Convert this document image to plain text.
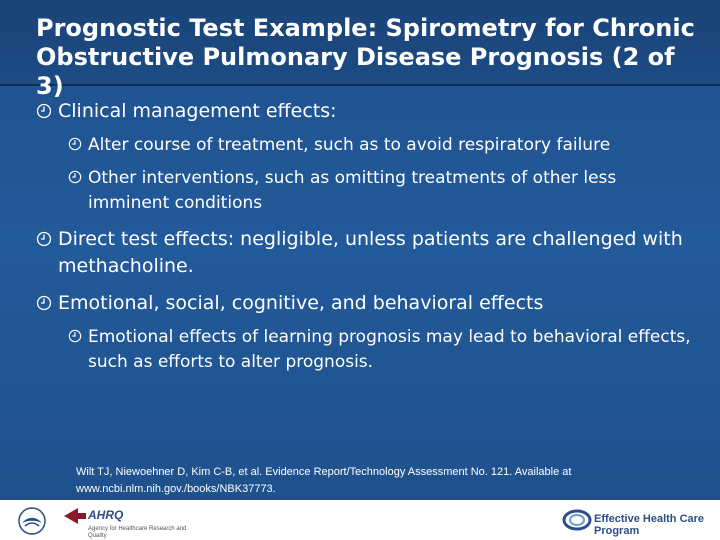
Prognostic Test Example: Spirometry for Chronic Obstructive Pulmonary Disease Prognosis (2 of 3)
Clinical management effects:
Alter course of treatment, such as to avoid respiratory failure
Other interventions, such as omitting treatments of other less imminent conditions
Direct test effects: negligible, unless patients are challenged with methacholine.
Emotional, social, cognitive, and behavioral effects
Emotional effects of learning prognosis may lead to behavioral effects, such as efforts to alter prognosis.
Wilt TJ, Niewoehner D, Kim C-B, et al. Evidence Report/Technology Assessment No. 121. Available at www.ncbi.nlm.nih.gov./books/NBK37773.
AHRQ
Agency for Healthcare Research and Quality
Effective Health Care Program
